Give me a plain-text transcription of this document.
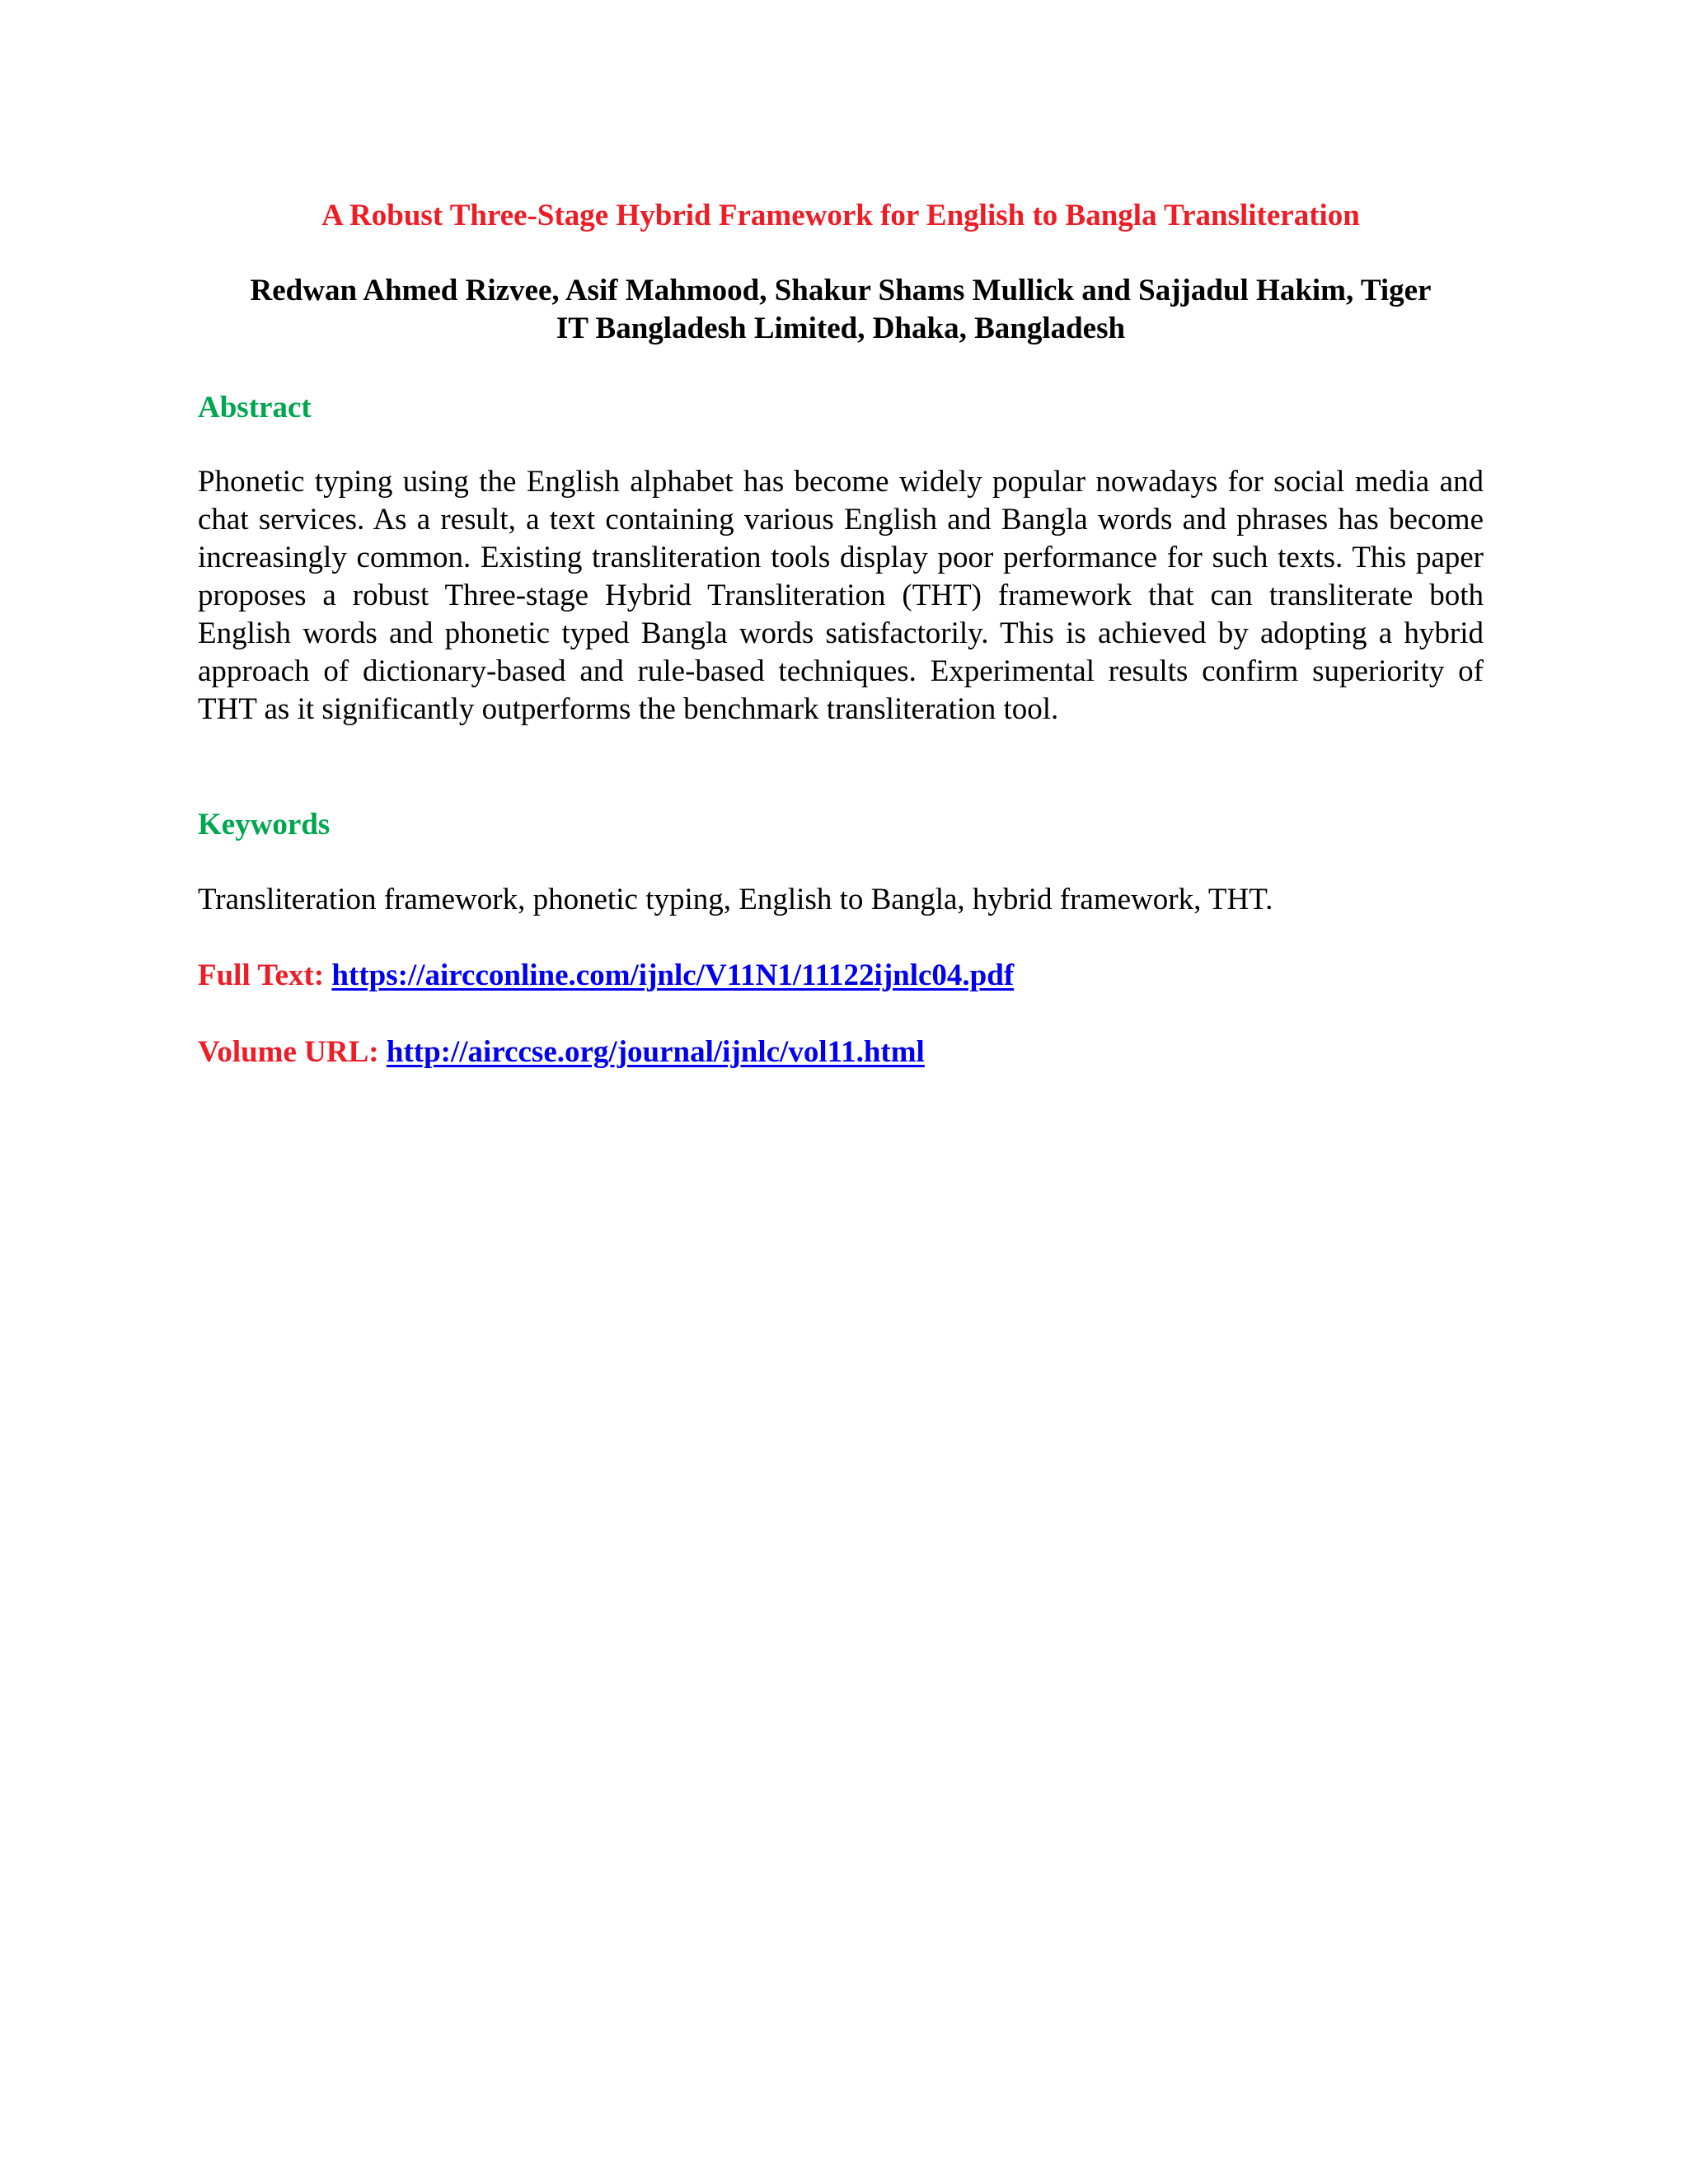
A Robust Three-Stage Hybrid Framework for English to Bangla Transliteration
Redwan Ahmed Rizvee, Asif Mahmood, Shakur Shams Mullick and Sajjadul Hakim, Tiger
IT Bangladesh Limited, Dhaka, Bangladesh
Abstract

Phonetic typing using the English alphabet has become widely popular nowadays for social media and chat services. As a result, a text containing various English and Bangla words and phrases has become increasingly common. Existing transliteration tools display poor performance for such texts. This paper proposes a robust Three-stage Hybrid Transliteration (THT) framework that can transliterate both English words and phonetic typed Bangla words satisfactorily. This is achieved by adopting a hybrid approach of dictionary-based and rule-based techniques. Experimental results confirm superiority of THT as it significantly outperforms the benchmark transliteration tool.

Keywords

Transliteration framework, phonetic typing, English to Bangla, hybrid framework, THT.

Full Text: https://aircconline.com/ijnlc/V11N1/11122ijnlc04.pdf

Volume URL: http://airccse.org/journal/ijnlc/vol11.html
